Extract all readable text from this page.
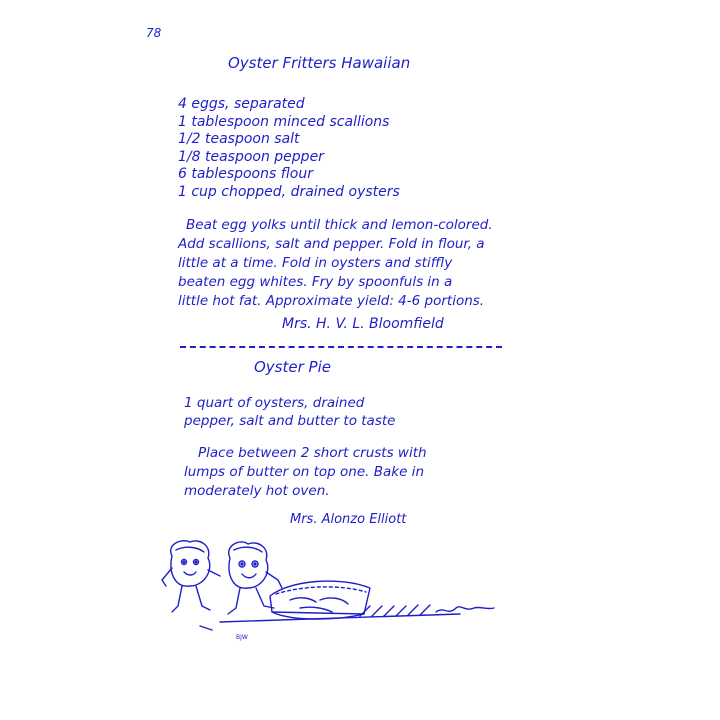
78
Oyster Fritters Hawaiian
4 eggs, separated
1 tablespoon minced scallions
1/2 teaspoon salt
1/8 teaspoon pepper
6 tablespoons flour
1 cup chopped, drained oysters
Beat egg yolks until thick and lemon-colored.
Add scallions, salt and pepper. Fold in flour, a
little at a time. Fold in oysters and stiffly
beaten egg whites. Fry by spoonfuls in a
little hot fat. Approximate yield: 4-6 portions.
Mrs. H. V. L. Bloomfield
Oyster Pie
1 quart of oysters, drained
pepper, salt and butter to taste
Place between 2 short crusts with
lumps of butter on top one. Bake in
moderately hot oven.
Mrs. Alonzo Elliott
BJW
